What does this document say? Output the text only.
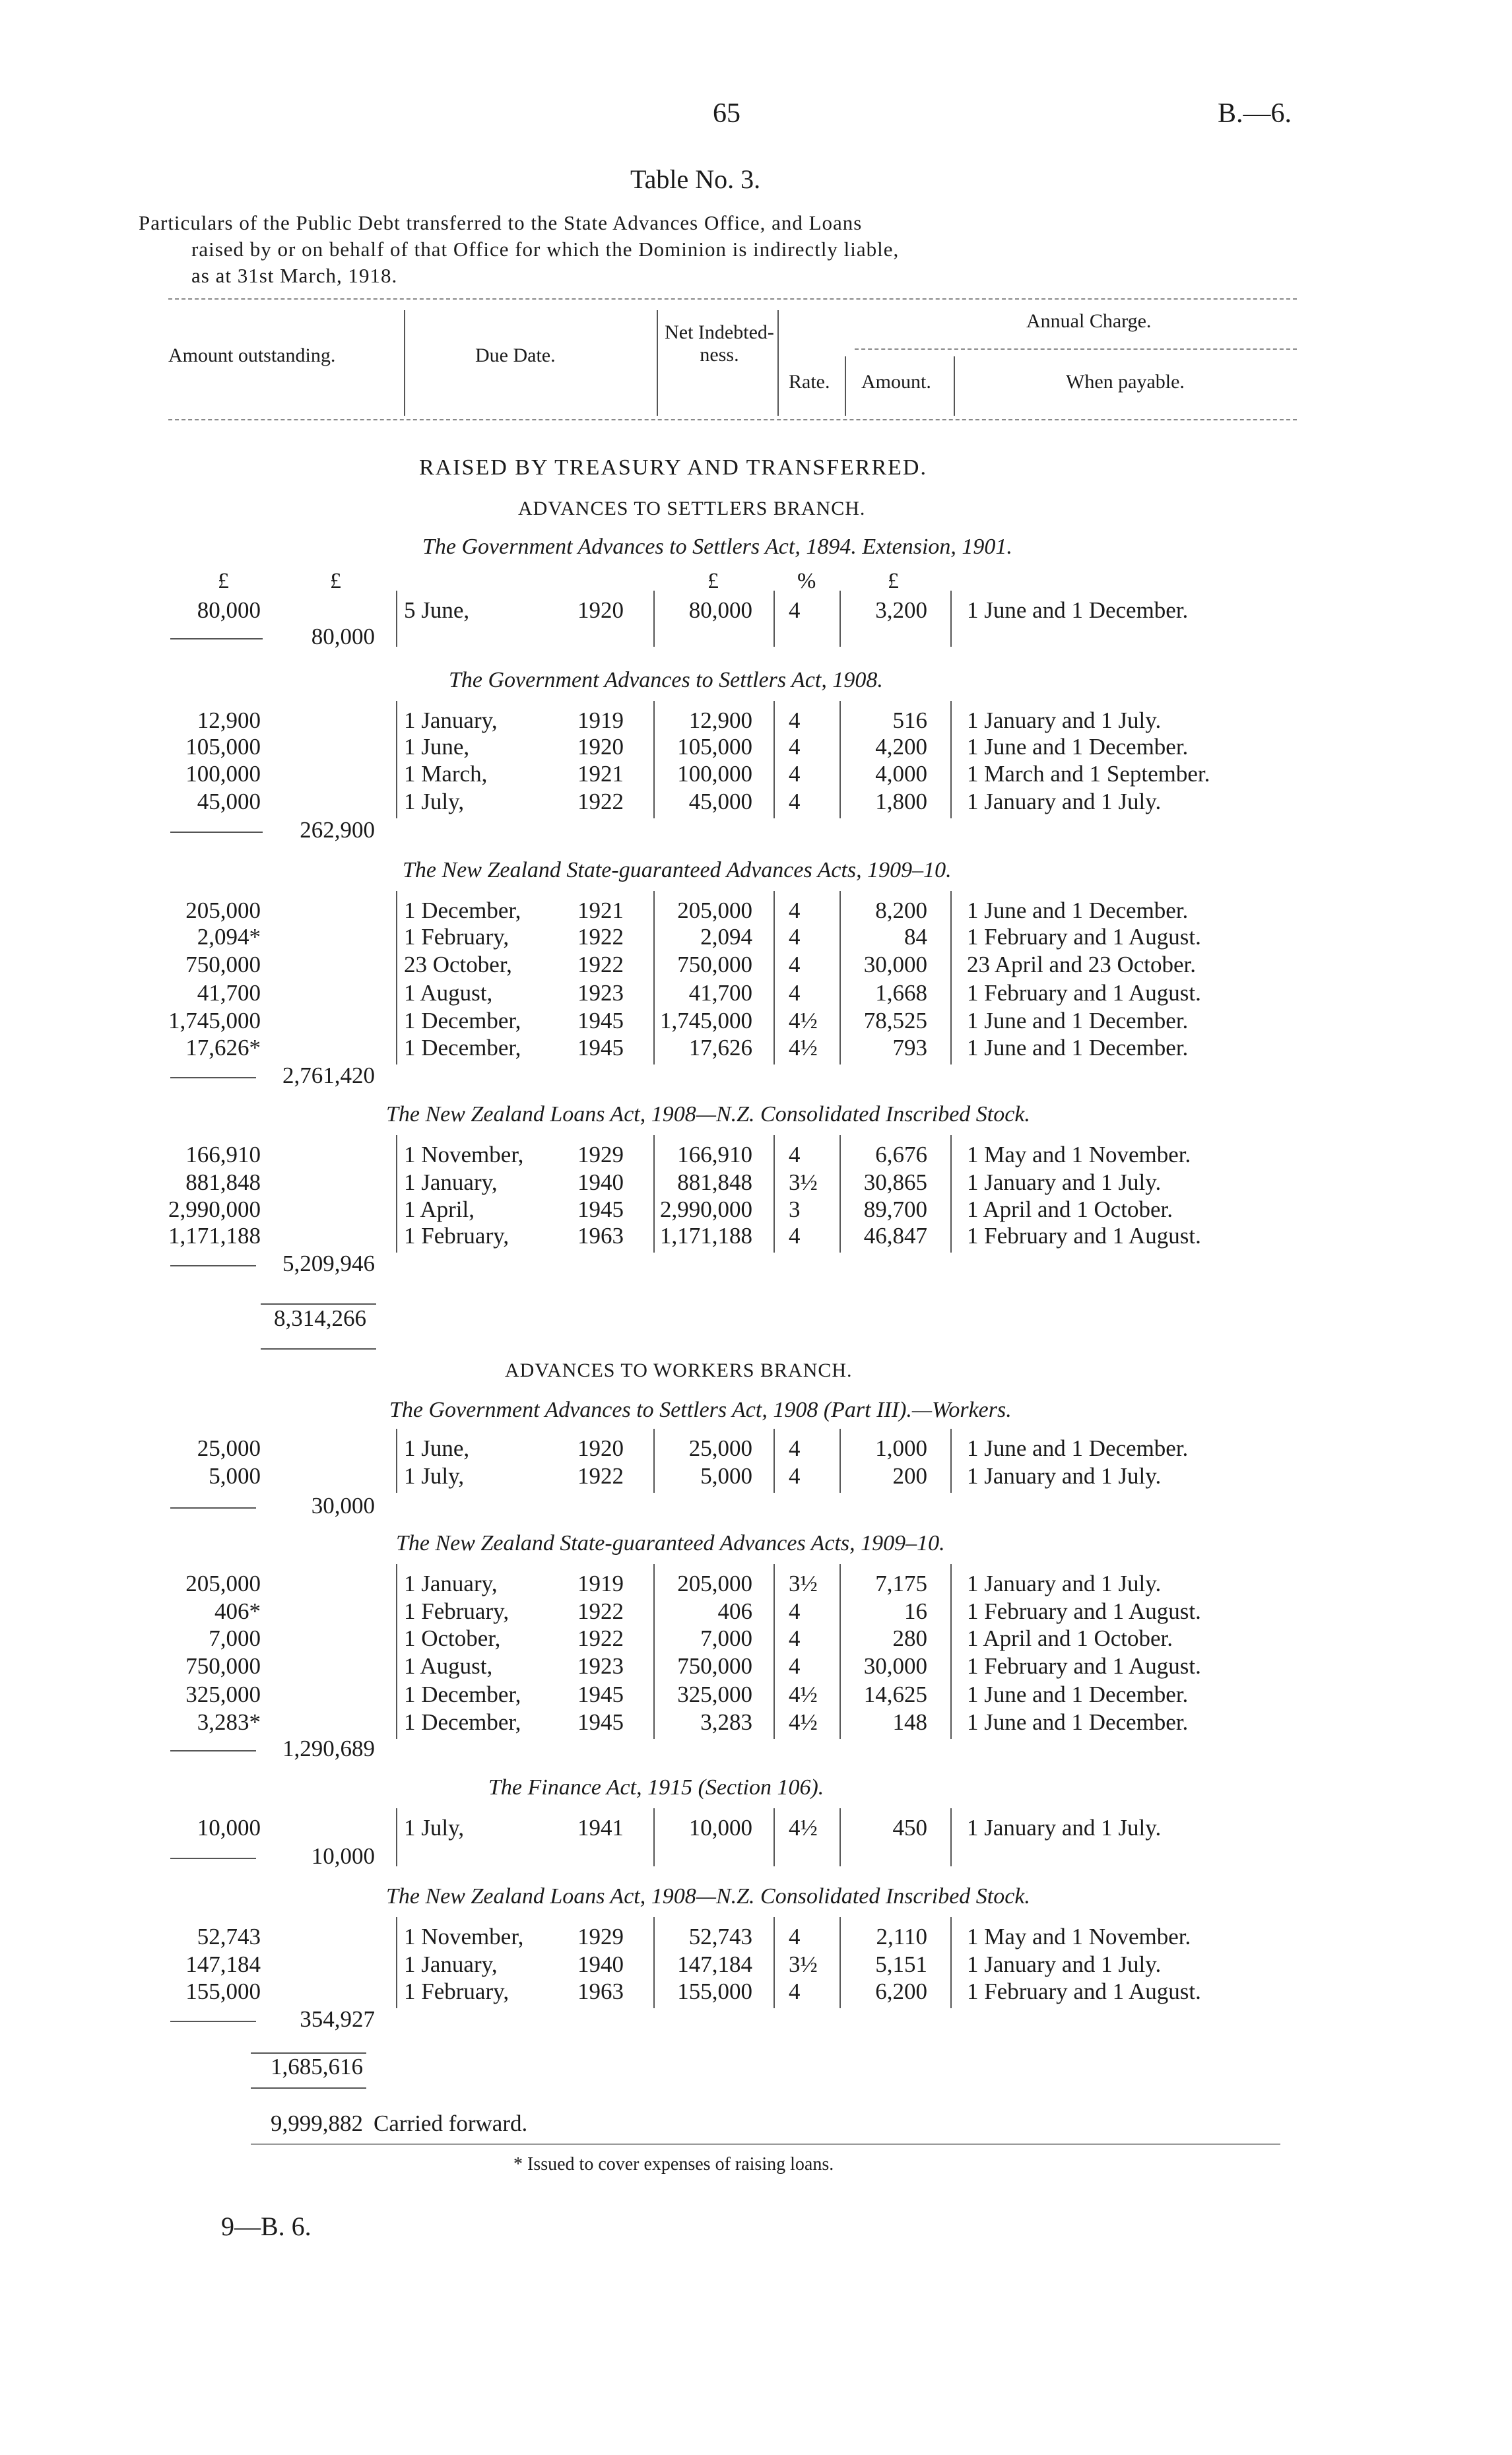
65	B.—6.
Table No. 3.
Particulars of the Public Debt transferred to the State Advances Office, and Loans
raised by or on behalf of that Office for which the Dominion is indirectly liable,
as at 31st March, 1918.
Amount outstanding.	Due Date.
Net Indebted-ness.
Annual Charge.
Rate. Amount.	When payable.
RAISED BY TREASURY AND TRANSFERRED.
ADVANCES TO SETTLERS BRANCH.
ADVANCES TO WORKERS BRANCH.
£	£	£	%	£
The Government Advances to Settlers Act, 1894. Extension, 1901.
80,000	5 June,	1920	80,000 4	3,200 1 June and 1 December.
80,000
The Government Advances to Settlers Act, 1908.
12,900	1 January,	1919	12,900 4	516 1 January and 1 July.
105,000	1 June,	1920	105,000 4	4,200 1 June and 1 December.
100,000	1 March,	1921	100,000 4	4,000 1 March and 1 September.
45,000	1 July,	1922	45,000 4	1,800 1 January and 1 July.
262,900
The New Zealand State-guaranteed Advances Acts, 1909–10.
205,000	1 December,	1921	205,000 4	8,200 1 June and 1 December.
2,094*	1 February,	1922	2,094 4	84 1 February and 1 August.
750,000	23 October,	1922	750,000 4	30,000 23 April and 23 October.
41,700	1 August,	1923	41,700 4	1,668 1 February and 1 August.
1,745,000	1 December,	1945	1,745,000 4½	78,525 1 June and 1 December.
17,626*	1 December,	1945	17,626 4½	793 1 June and 1 December.
2,761,420
The New Zealand Loans Act, 1908—N.Z. Consolidated Inscribed Stock.
166,910	1 November,	1929	166,910 4	6,676 1 May and 1 November.
881,848	1 January,	1940	881,848 3½	30,865 1 January and 1 July.
2,990,000	1 April,	1945	2,990,000 3	89,700 1 April and 1 October.
1,171,188	1 February,	1963	1,171,188 4	46,847 1 February and 1 August.
5,209,946
The Government Advances to Settlers Act, 1908 (Part III).—Workers.
25,000	1 June,	1920	25,000 4	1,000 1 June and 1 December.
5,000	1 July,	1922	5,000 4	200 1 January and 1 July.
30,000
The New Zealand State-guaranteed Advances Acts, 1909–10.
205,000	1 January,	1919	205,000 3½	7,175 1 January and 1 July.
406*	1 February,	1922	406 4	16 1 February and 1 August.
7,000	1 October,	1922	7,000 4	280 1 April and 1 October.
750,000	1 August,	1923	750,000 4	30,000 1 February and 1 August.
325,000	1 December,	1945	325,000 4½	14,625 1 June and 1 December.
3,283*	1 December,	1945	3,283 4½	148 1 June and 1 December.
1,290,689
The Finance Act, 1915 (Section 106).
10,000	1 July,	1941	10,000 4½	450 1 January and 1 July.
10,000
The New Zealand Loans Act, 1908—N.Z. Consolidated Inscribed Stock.
52,743	1 November,	1929	52,743 4	2,110 1 May and 1 November.
147,184	1 January,	1940	147,184 3½	5,151 1 January and 1 July.
155,000	1 February,	1963	155,000 4	6,200 1 February and 1 August.
354,927
8,314,266
1,685,616
9,999,882 Carried forward.
* Issued to cover expenses of raising loans.
9—B. 6.
